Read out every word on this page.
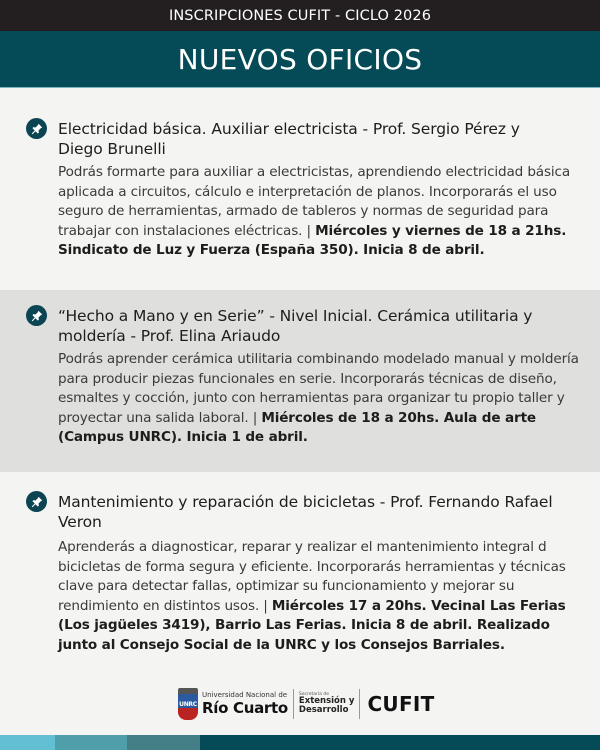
INSCRIPCIONES CUFIT - CICLO 2026
NUEVOS OFICIOS
Electricidad básica. Auxiliar electricista - Prof. Sergio Pérez y Diego Brunelli
Podrás formarte para auxiliar a electricistas, aprendiendo electricidad básica aplicada a circuitos, cálculo e interpretación de planos. Incorporarás el uso seguro de herramientas, armado de tableros y normas de seguridad para trabajar con instalaciones eléctricas. | Miércoles y viernes de 18 a 21hs. Sindicato de Luz y Fuerza (España 350). Inicia 8 de abril.
“Hecho a Mano y en Serie” - Nivel Inicial. Cerámica utilitaria y moldería - Prof. Elina Ariaudo
Podrás aprender cerámica utilitaria combinando modelado manual y moldería para producir piezas funcionales en serie. Incorporarás técnicas de diseño, esmaltes y cocción, junto con herramientas para organizar tu propio taller y proyectar una salida laboral. | Miércoles de 18 a 20hs. Aula de arte (Campus UNRC). Inicia 1 de abril.
Mantenimiento y reparación de bicicletas - Prof. Fernando Rafael Veron
Aprenderás a diagnosticar, reparar y realizar el mantenimiento integral d bicicletas de forma segura y eficiente. Incorporarás herramientas y técnicas clave para detectar fallas, optimizar su funcionamiento y mejorar su rendimiento en distintos usos. | Miércoles 17 a 20hs. Vecinal Las Ferias (Los jagüeles 3419), Barrio Las Ferias. Inicia 8 de abril. Realizado junto al Consejo Social de la UNRC y los Consejos Barriales.
UNRC
Universidad Nacional de
Río Cuarto
Secretaría de
Extensión y
Desarrollo CUFIT
